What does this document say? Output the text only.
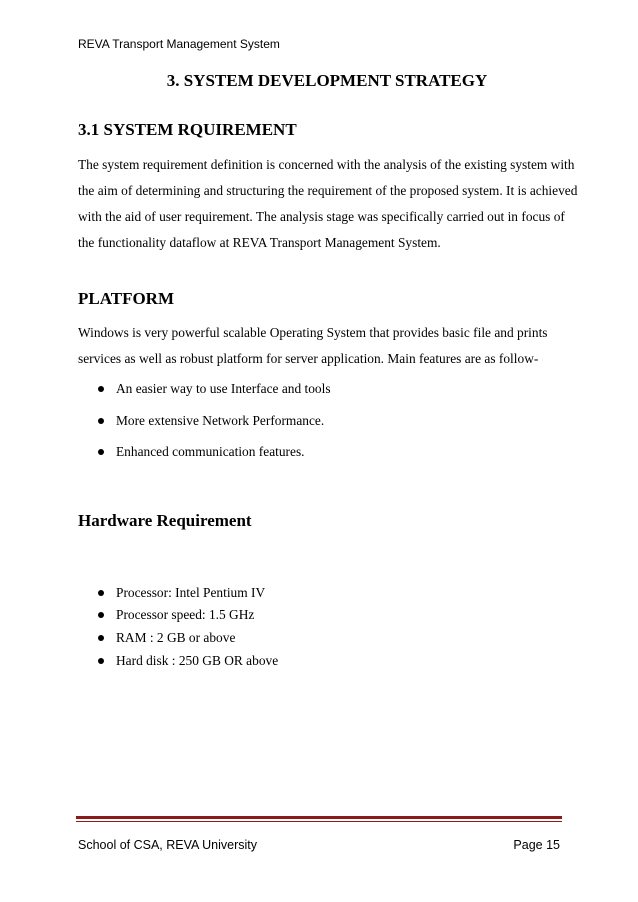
REVA Transport Management System
3. SYSTEM DEVELOPMENT STRATEGY
3.1 SYSTEM RQUIREMENT

The system requirement definition is concerned with the analysis of the existing system with
the aim of determining and structuring the requirement of the proposed system. It is achieved
with the aid of user requirement. The analysis stage was specifically carried out in focus of
the functionality dataflow at REVA Transport Management System.

PLATFORM

Windows is very powerful scalable Operating System that provides basic file and prints
services as well as robust platform for server application. Main features are as follow-

An easier way to use Interface and tools
More extensive Network Performance.
Enhanced communication features.
Hardware Requirement
Processor: Intel Pentium IV
Processor speed: 1.5 GHz
RAM : 2 GB or above
Hard disk : 250 GB OR above
School of CSA, REVA University	Page 15
